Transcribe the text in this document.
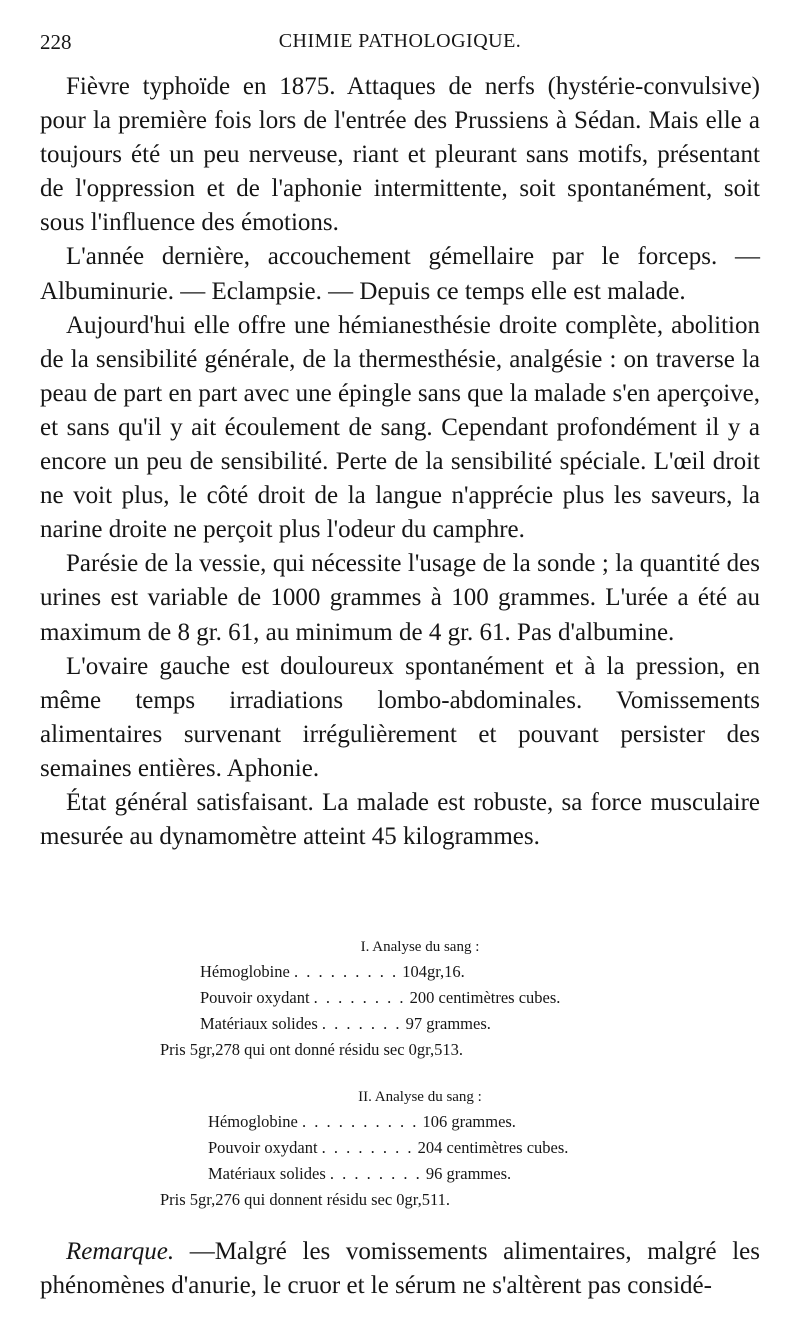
228	CHIMIE PATHOLOGIQUE.

Fièvre typhoïde en 1875. Attaques de nerfs (hystérie-convulsive) pour la première fois lors de l'entrée des Prussiens à Sédan. Mais elle a toujours été un peu nerveuse, riant et pleurant sans motifs, présentant de l'oppression et de l'aphonie intermittente, soit spontanément, soit sous l'influence des émotions.

L'année dernière, accouchement gémellaire par le forceps. — Albuminurie. — Eclampsie. — Depuis ce temps elle est malade.

Aujourd'hui elle offre une hémianesthésie droite complète, abolition de la sensibilité générale, de la thermesthésie, analgésie : on traverse la peau de part en part avec une épingle sans que la malade s'en aperçoive, et sans qu'il y ait écoulement de sang. Cependant profondément il y a encore un peu de sensibilité. Perte de la sensibilité spéciale. L'œil droit ne voit plus, le côté droit de la langue n'apprécie plus les saveurs, la narine droite ne perçoit plus l'odeur du camphre.

Parésie de la vessie, qui nécessite l'usage de la sonde ; la quantité des urines est variable de 1000 grammes à 100 grammes. L'urée a été au maximum de 8 gr. 61, au minimum de 4 gr. 61. Pas d'albumine.

L'ovaire gauche est douloureux spontanément et à la pression, en même temps irradiations lombo-abdominales. Vomissements alimentaires survenant irrégulièrement et pouvant persister des semaines entières. Aphonie.

État général satisfaisant. La malade est robuste, sa force musculaire mesurée au dynamomètre atteint 45 kilogrammes.

I. Analyse du sang :
Hémoglobine . . . . . . . . . 104gr,16.
Pouvoir oxydant . . . . . . . . 200 centimètres cubes.
Matériaux solides . . . . . . . 97 grammes.
Pris 5gr,278 qui ont donné résidu sec 0gr,513.
II. Analyse du sang :
Hémoglobine . . . . . . . . . . 106 grammes.
Pouvoir oxydant . . . . . . . . 204 centimètres cubes.
Matériaux solides . . . . . . . . 96 grammes.
Pris 5gr,276 qui donnent résidu sec 0gr,511.

Remarque. —Malgré les vomissements alimentaires, malgré les phénomènes d'anurie, le cruor et le sérum ne s'altèrent pas considé-
